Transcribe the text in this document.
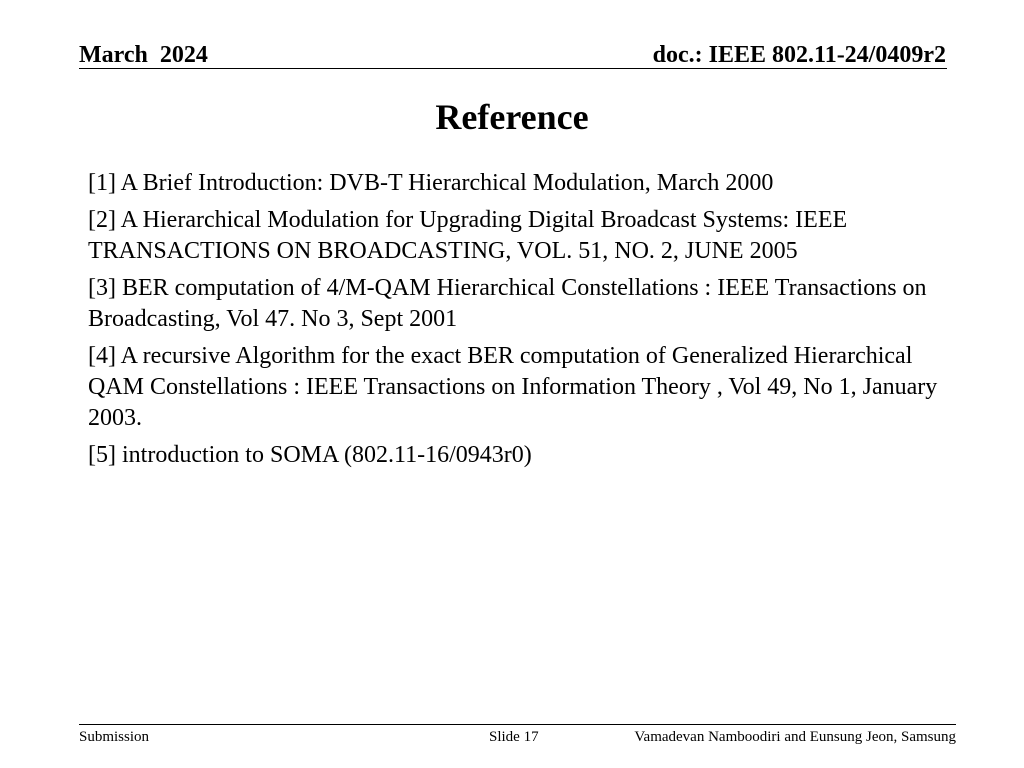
March  2024	doc.: IEEE 802.11-24/0409r2
Reference
[1] A Brief Introduction: DVB-T Hierarchical Modulation, March 2000
[2] A Hierarchical Modulation for Upgrading Digital Broadcast Systems: IEEE TRANSACTIONS ON BROADCASTING, VOL. 51, NO. 2, JUNE 2005
[3] BER computation of 4/M-QAM Hierarchical Constellations : IEEE Transactions on Broadcasting, Vol 47. No 3, Sept 2001
[4] A recursive Algorithm for the exact BER computation of Generalized Hierarchical QAM Constellations : IEEE Transactions on Information Theory , Vol 49, No 1, January 2003.
[5] introduction to SOMA (802.11-16/0943r0)
Submission	Slide 17	Vamadevan Namboodiri and Eunsung Jeon, Samsung
